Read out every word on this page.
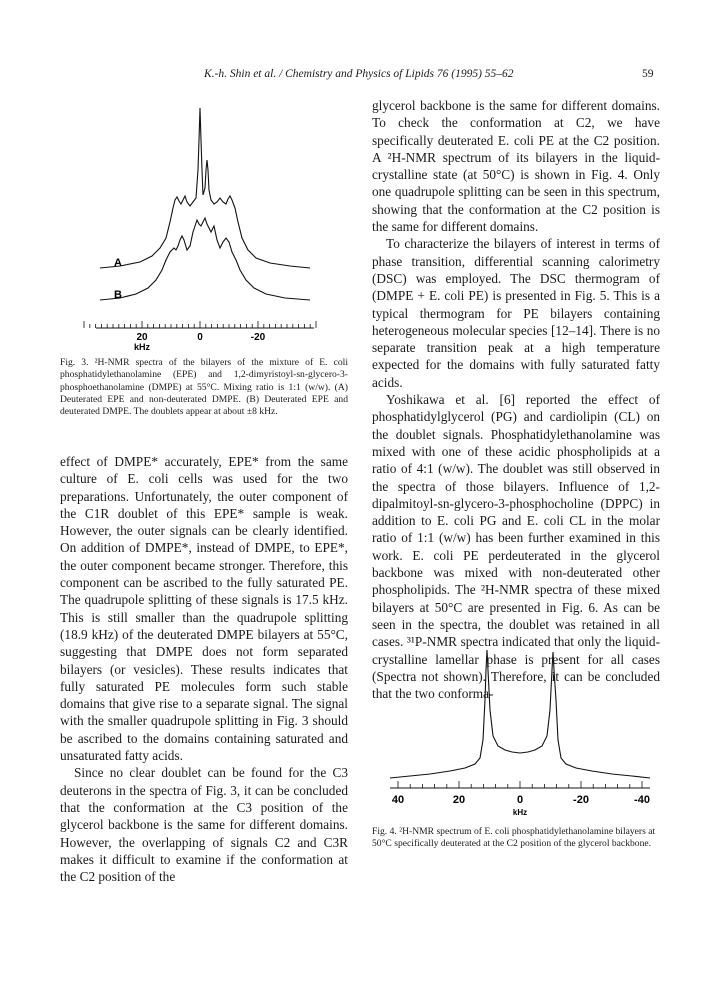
K.-h. Shin et al. / Chemistry and Physics of Lipids 76 (1995) 55–62	59
A
B
20	0	-20
kHz
Fig. 3. ²H-NMR spectra of the bilayers of the mixture of E. coli phosphatidylethanolamine (EPE) and 1,2-dimyristoyl-sn-glycero-3-phosphoethanolamine (DMPE) at 55°C. Mixing ratio is 1:1 (w/w). (A) Deuterated EPE and non-deuterated DMPE. (B) Deuterated EPE and deuterated DMPE. The doublets appear at about ±8 kHz.

effect of DMPE* accurately, EPE* from the same culture of E. coli cells was used for the two preparations. Unfortunately, the outer component of the C1R doublet of this EPE* sample is weak. However, the outer signals can be clearly identified. On addition of DMPE*, instead of DMPE, to EPE*, the outer component became stronger. Therefore, this component can be ascribed to the fully saturated PE. The quadrupole splitting of these signals is 17.5 kHz. This is still smaller than the quadrupole splitting (18.9 kHz) of the deuterated DMPE bilayers at 55°C, suggesting that DMPE does not form separated bilayers (or vesicles). These results indicates that fully saturated PE molecules form such stable domains that give rise to a separate signal. The signal with the smaller quadrupole splitting in Fig. 3 should be ascribed to the domains containing saturated and unsaturated fatty acids.

Since no clear doublet can be found for the C3 deuterons in the spectra of Fig. 3, it can be concluded that the conformation at the C3 position of the glycerol backbone is the same for different domains. However, the overlapping of signals C2 and C3R makes it difficult to examine if the conformation at the C2 position of the

glycerol backbone is the same for different domains. To check the conformation at C2, we have specifically deuterated E. coli PE at the C2 position. A ²H-NMR spectrum of its bilayers in the liquid-crystalline state (at 50°C) is shown in Fig. 4. Only one quadrupole splitting can be seen in this spectrum, showing that the conformation at the C2 position is the same for different domains.

To characterize the bilayers of interest in terms of phase transition, differential scanning calorimetry (DSC) was employed. The DSC thermogram of (DMPE + E. coli PE) is presented in Fig. 5. This is a typical thermogram for PE bilayers containing heterogeneous molecular species [12–14]. There is no separate transition peak at a high temperature expected for the domains with fully saturated fatty acids.

Yoshikawa et al. [6] reported the effect of phosphatidylglycerol (PG) and cardiolipin (CL) on the doublet signals. Phosphatidylethanolamine was mixed with one of these acidic phospholipids at a ratio of 4:1 (w/w). The doublet was still observed in the spectra of those bilayers. Influence of 1,2-dipalmitoyl-sn-glycero-3-phosphocholine (DPPC) in addition to E. coli PG and E. coli CL in the molar ratio of 1:1 (w/w) has been further examined in this work. E. coli PE perdeuterated in the glycerol backbone was mixed with non-deuterated other phospholipids. The ²H-NMR spectra of these mixed bilayers at 50°C are presented in Fig. 6. As can be seen in the spectra, the doublet was retained in all cases. ³¹P-NMR spectra indicated that only the liquid-crystalline lamellar phase is present for all cases (Spectra not shown). Therefore, it can be concluded that the two conforma-

40	20	0	-20	-40
kHz
Fig. 4. ²H-NMR spectrum of E. coli phosphatidylethanolamine bilayers at 50°C specifically deuterated at the C2 position of the glycerol backbone.
